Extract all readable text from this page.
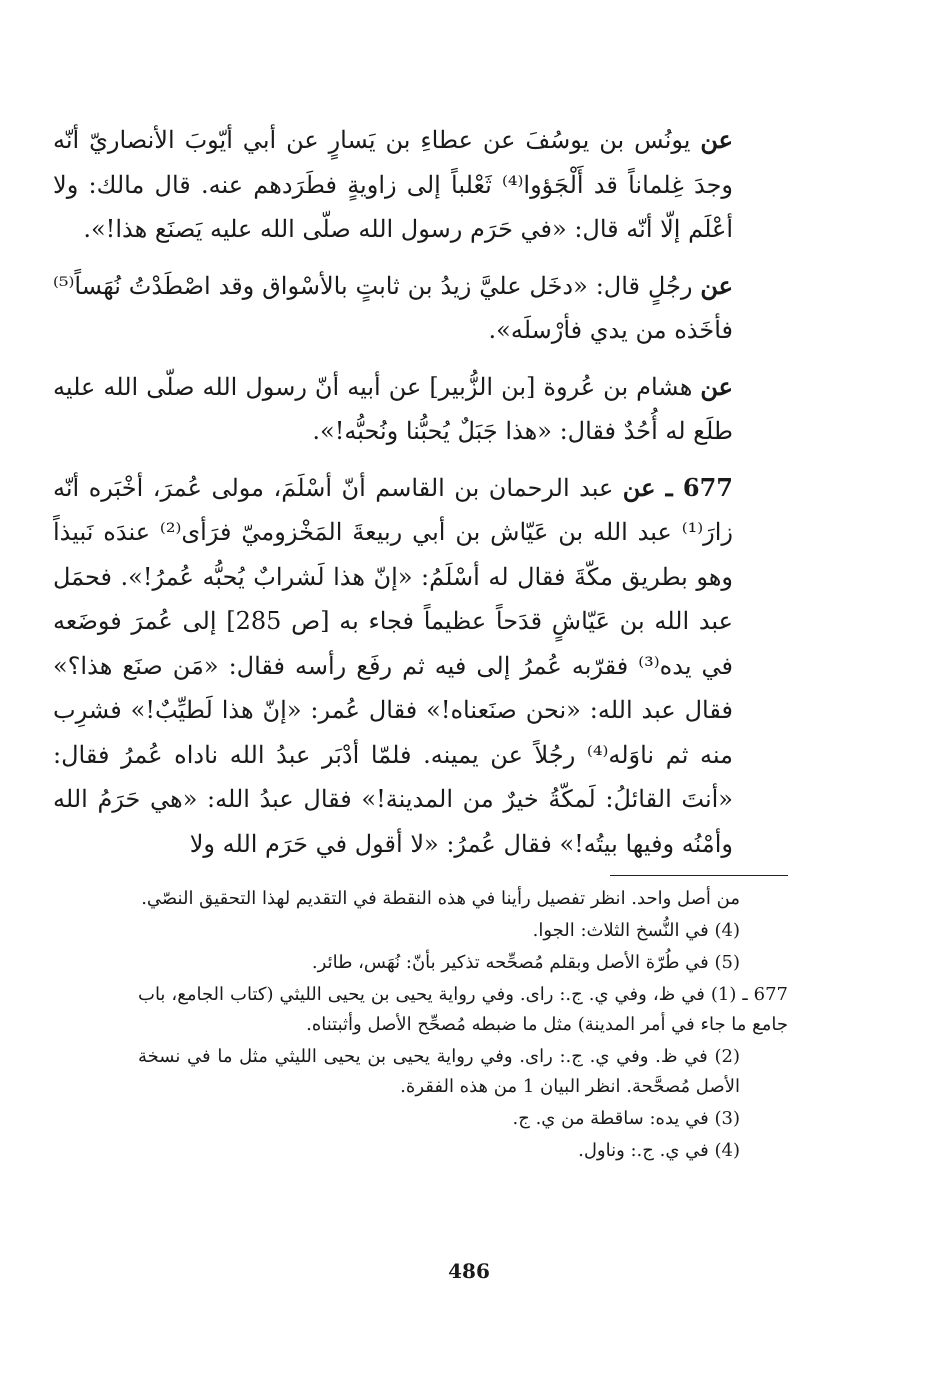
عن يونُس بن يوسُفَ عن عطاءِ بن يَسارٍ عن أبي أيّوبَ الأنصاريّ أنّه وجدَ غِلماناً قد أَلْجَؤوا⁽⁴⁾ ثَعْلباً إلى زاويةٍ فطَرَدهم عنه. قال مالك: ولا أعْلَم إلّا أنّه قال: «في حَرَم رسول الله صلّى الله عليه يَصنَع هذا!».

عن رجُلٍ قال: «دخَل عليَّ زيدُ بن ثابتٍ بالأسْواق وقد اصْطَدْتُ نُهَساً⁽⁵⁾ فأخَذه من يدي فأرْسلَه».

عن هشام بن عُروة [بن الزُّبير] عن أبيه أنّ رسول الله صلّى الله عليه طلَع له أُحُدٌ فقال: «هذا جَبَلٌ يُحبُّنا ونُحبُّه!».

677 ـ عن عبد الرحمان بن القاسم أنّ أسْلَمَ، مولى عُمرَ، أخْبَره أنّه زارَ⁽¹⁾ عبد الله بن عَيّاش بن أبي ربيعةَ المَخْزوميّ فرَأى⁽²⁾ عندَه نَبيذاً وهو بطريق مكّةَ فقال له أسْلَمُ: «إنّ هذا لَشرابٌ يُحبُّه عُمرُ!». فحمَل عبد الله بن عَيّاشٍ قدَحاً عظيماً فجاء به [ص 285] إلى عُمرَ فوضَعه في يده⁽³⁾ فقرّبه عُمرُ إلى فيه ثم رفَع رأسه فقال: «مَن صنَع هذا؟» فقال عبد الله: «نحن صنَعناه!» فقال عُمر: «إنّ هذا لَطيِّبٌ!» فشرِب منه ثم ناوَله⁽⁴⁾ رجُلاً عن يمينه. فلمّا أدْبَر عبدُ الله ناداه عُمرُ فقال: «أنتَ القائلُ: لَمكّةُ خيرٌ من المدينة!» فقال عبدُ الله: «هي حَرَمُ الله وأمْنُه وفيها بيتُه!» فقال عُمرُ: «لا أقول في حَرَم الله ولا

من أصل واحد. انظر تفصيل رأينا في هذه النقطة في التقديم لهذا التحقيق النصّي.

(4) في النُّسخ الثلاث: الجوا.

(5) في طُرّة الأصل وبقلم مُصحِّحه تذكير بأنّ: نُهَس، طائر.

677 ـ (1) في ظ، وفي ي. ج.: راى. وفي رواية يحيى بن يحيى الليثي (كتاب الجامع، باب جامع ما جاء في أمر المدينة) مثل ما ضبطه مُصحِّح الأصل وأثبتناه.

(2) في ظ. وفي ي. ج.: راى. وفي رواية يحيى بن يحيى الليثي مثل ما في نسخة الأصل مُصحَّحة. انظر البيان 1 من هذه الفقرة.

(3) في يده: ساقطة من ي. ج.

(4) في ي. ج.: وناول.

486
